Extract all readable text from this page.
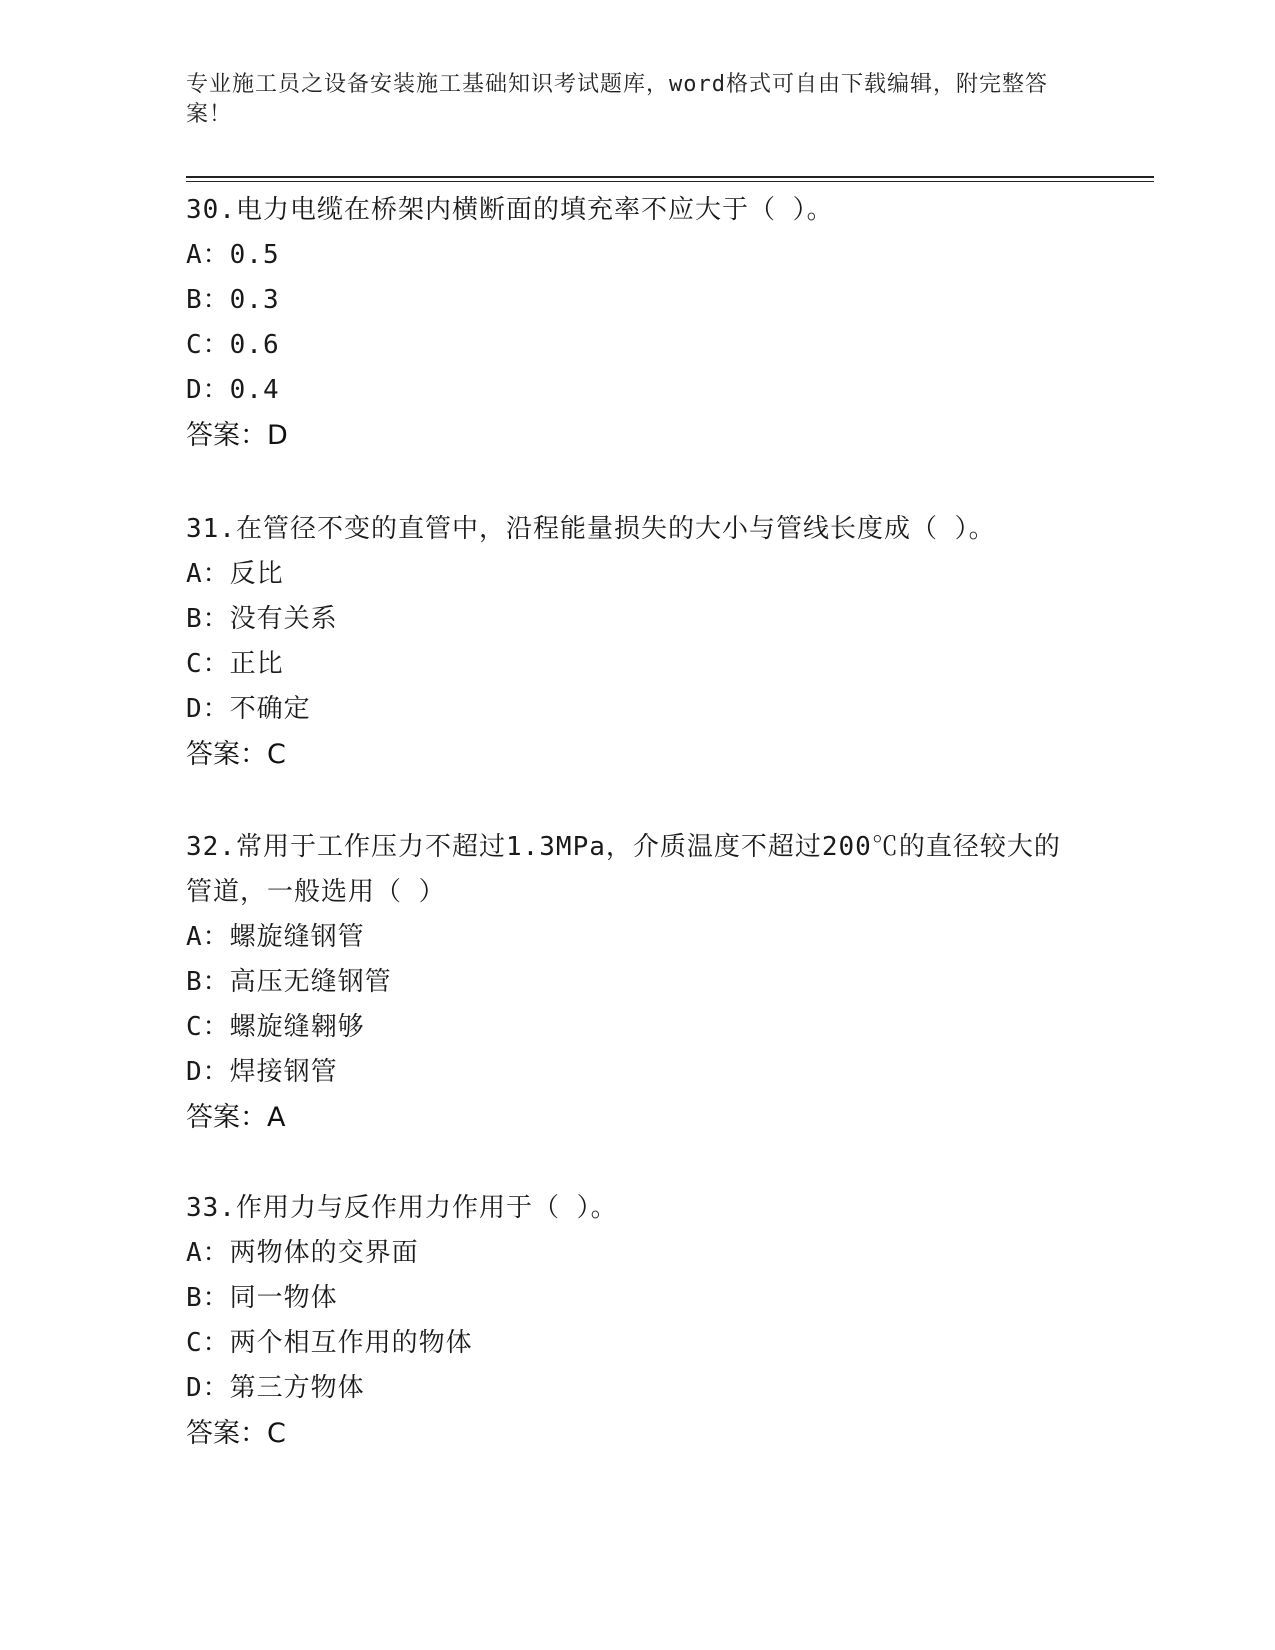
专业施工员之设备安装施工基础知识考试题库，word格式可自由下载编辑，附完整答案！
30.电力电缆在桥架内横断面的填充率不应大于（ ）。
A：0.5
B：0.3
C：0.6
D：0.4
答案：D
31.在管径不变的直管中，沿程能量损失的大小与管线长度成（ ）。
A：反比
B：没有关系
C：正比
D：不确定
答案：C
32.常用于工作压力不超过1.3MPa，介质温度不超过200℃的直径较大的管道，一般选用（ ）
A：螺旋缝钢管
B：高压无缝钢管
C：螺旋缝翱够
D：焊接钢管
答案：A
33.作用力与反作用力作用于（ ）。
A：两物体的交界面
B：同一物体
C：两个相互作用的物体
D：第三方物体
答案：C
